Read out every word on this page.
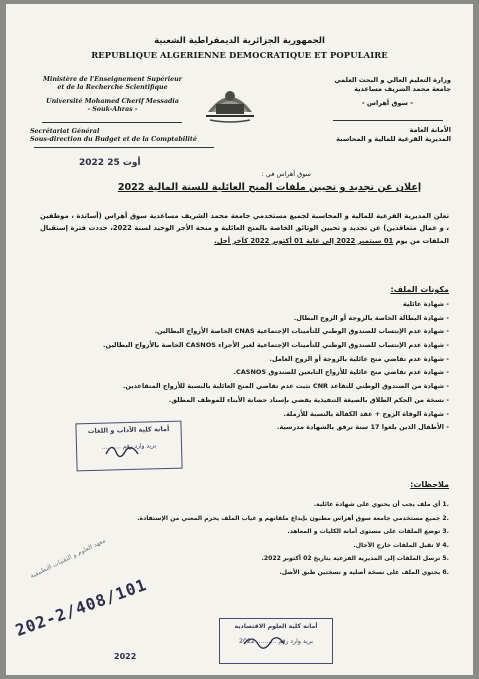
الجمهورية الجزائرية الديمقراطية الشعبية
REPUBLIQUE ALGERIENNE DEMOCRATIQUE ET POPULAIRE
Ministère de l'Enseignement Supérieur
et de la Recherche Scientifique
Université Mohamed Cherif Messadia
- Souk-Ahras -
Secrétariat Général
Sous-direction du Budget et de la Comptabilité
وزارة التعليم العالي و البحث العلمي
جامعة محمد الشريف مساعدية
- سوق أهراس -
الأمانة العامة
المديرية الفرعية للمالية و المحاسبة
2022 أوت 25
سوق أهراس في :
إعلان عن تجديد و تحيين ملفات المنح العائلية للسنة المالية 2022
تعلن المديرية الفرعية للمالية و المحاسبة لجميع مستخدمي جامعة محمد الشريف مساعدية سوق أهراس (أساتذة ، موظفين ، و عمال متعاقدين) عن تجديد و تحيين الوثائق الخاصة بالمنح العائلية و منحة الأجر الوحيد لسنة 2022، حددت فترة إستقبال الملفات من يوم 01 سبتمبر 2022 إلى غاية 01 أكتوبر 2022 كآخر أجل.
مكونات الملف:
- شهادة عائلية
- شهادة البطالة الخاصة بالزوجة أو الزوج البطال.
- شهادة عدم الإنتساب للصندوق الوطني للتأمينات الإجتماعية CNAS الخاصة الأزواج البطالين.
- شهادة عدم الإنتساب للصندوق الوطني للتأمينات الإجتماعية لغير الأجراء CASNOS الخاصة بالأزواج البطالين.
- شهادة عدم تقاضي منح عائلية بالزوجة أو الزوج العامل.
- شهادة عدم تقاضي منح عائلية للأزواج التابعين للصندوق CASNOS.
- شهادة من الصندوق الوطني للتقاعد CNR تثبت عدم تقاضي المنح العائلية بالنسبة للأزواج المتقاعدين.
- نسخة من الحكم الطلاق بالصيغة التنفيذية يقضي بإسناد حضانة الأبناء للموظف المطلق.
- شهادة الوفاة الزوج + عقد الكفالة بالنسبة للأرملة.
- الأطفال الذين بلغوا 17 سنة ترفق بالشهادة مدرسية.
ملاحظات:
.1 أي ملف يجب أن يحتوي على شهادة عائلية.
.2 جميع مستخدمي جامعة سوق أهراس مطبون بإيداع ملفاتهم و غياب الملف يحرم المعني من الإستفادة.
.3 توضع الملفات على مستوى أمانة الكليات و المعاهد.
.4 لا تقبل الملفات خارج الآجال.
.5 ترسل الملفات إلى المديرية الفرعية بتاريخ 02 أكتوبر 2022.
.6 يحتوي الملف على نسخة أصلية و نسختين طبق الأصل.
أمانة كلية الآداب و اللغات
بريد وارد رقم ..........
أمانة كلية العلوم الاقتصادية
بريد وارد رقم .......... 2022
معهد العلوم و التقنيات التطبيقية
202-2/408/101
2022
